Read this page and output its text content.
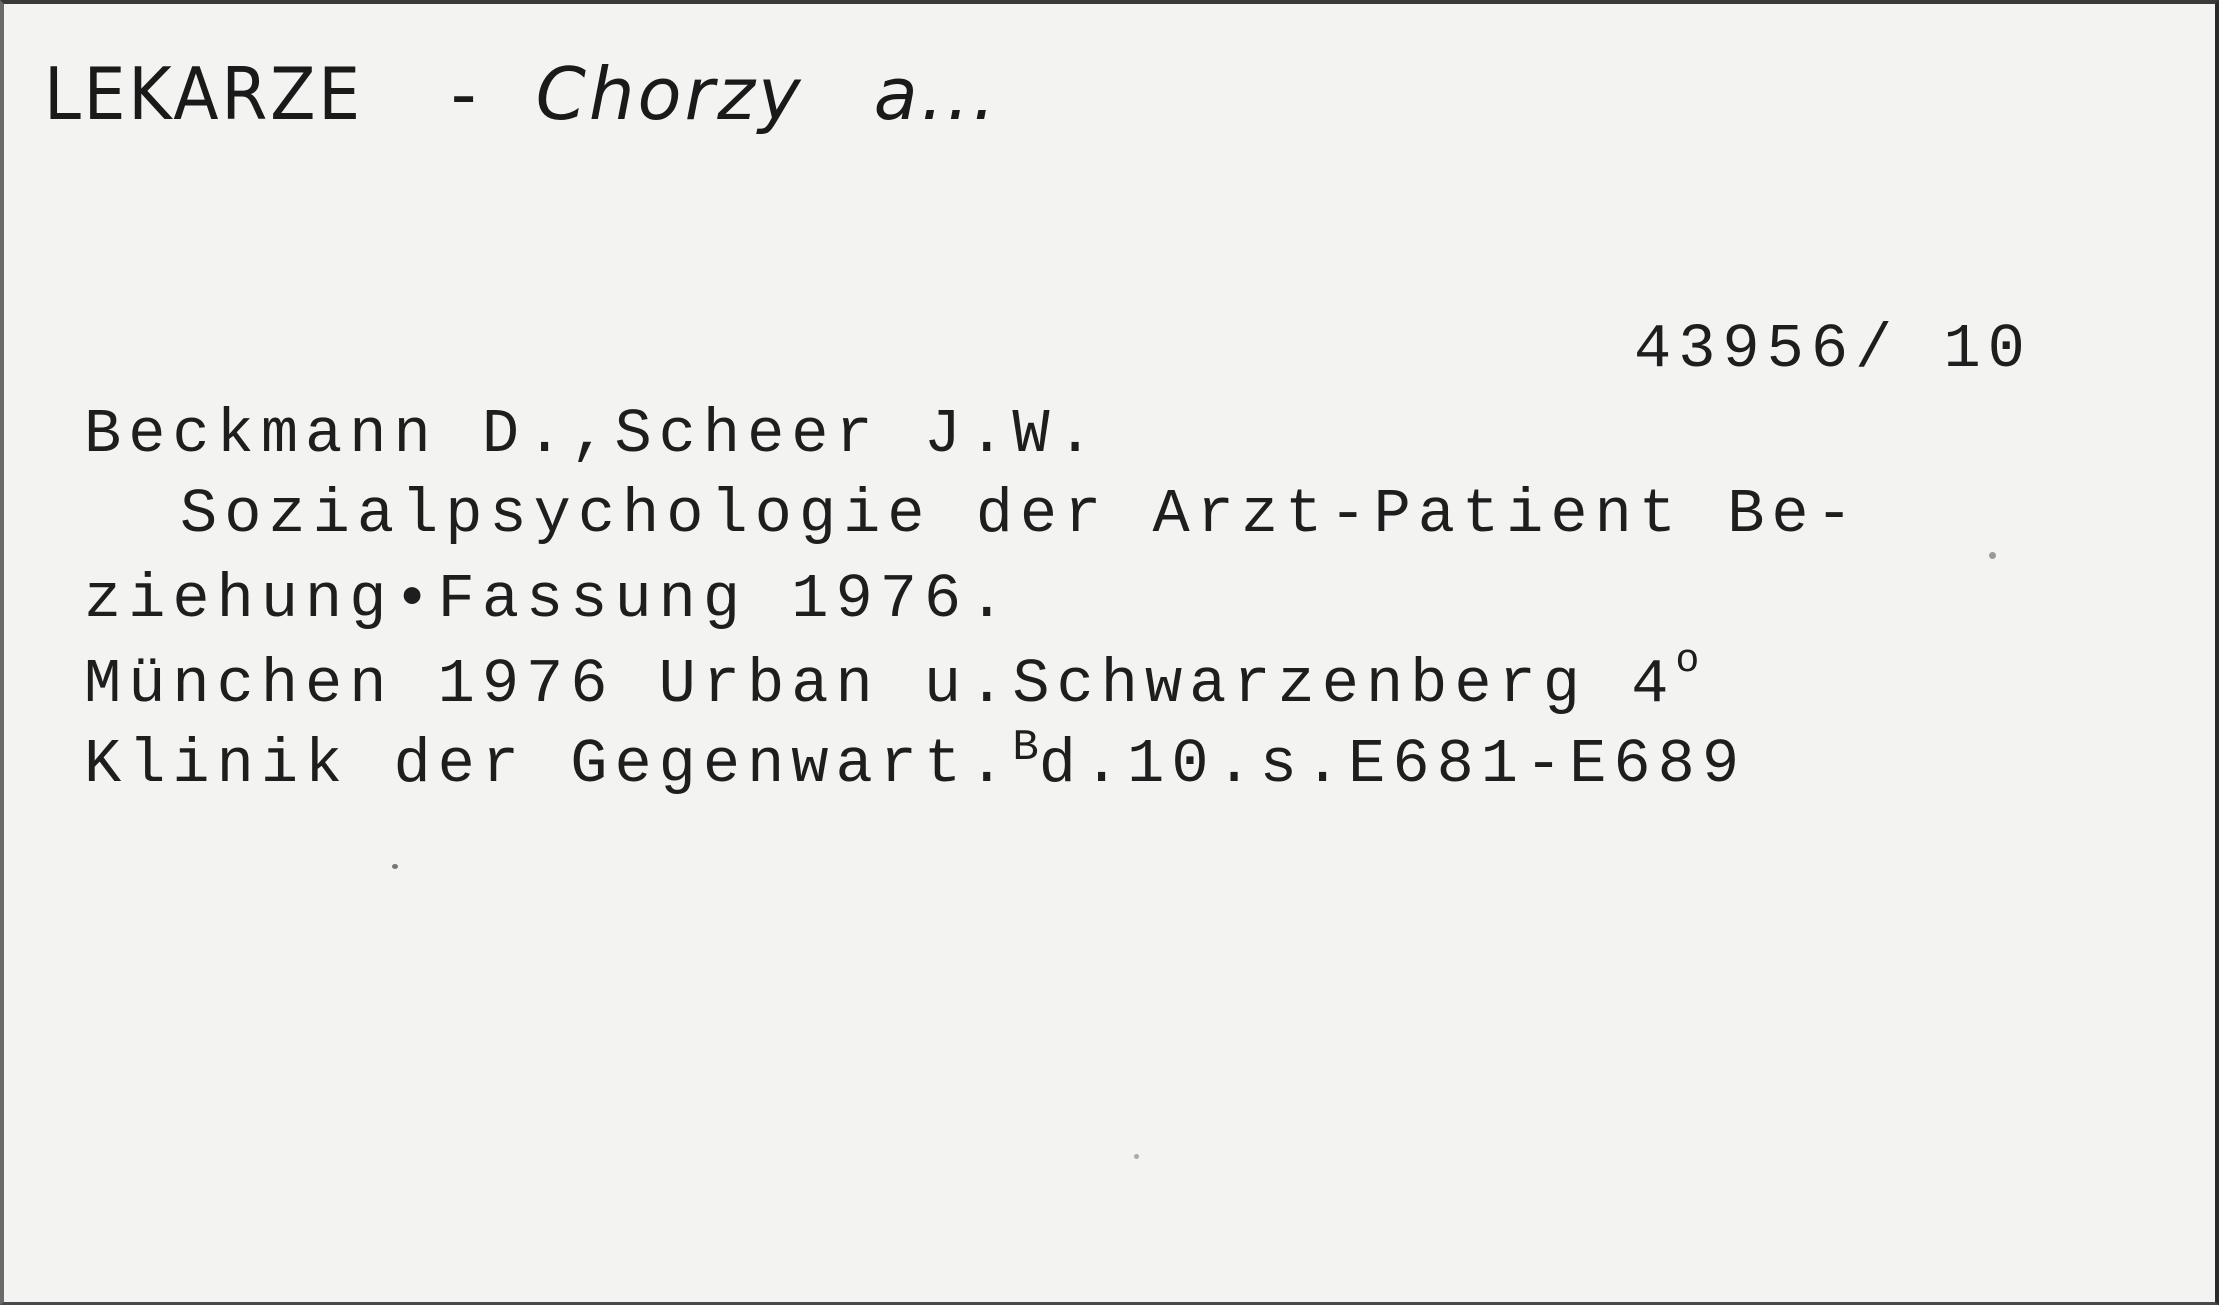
LEKARZE - Chorzy a...
43956/ 10
Beckmann D.,Scheer J.W.
Sozialpsychologie der Arzt-Patient Be-
ziehung•Fassung 1976.
München 1976 Urban u.Schwarzenberg 4$^o$
Klinik der Gegenwart.$^B$d.10.s.E681-E689
